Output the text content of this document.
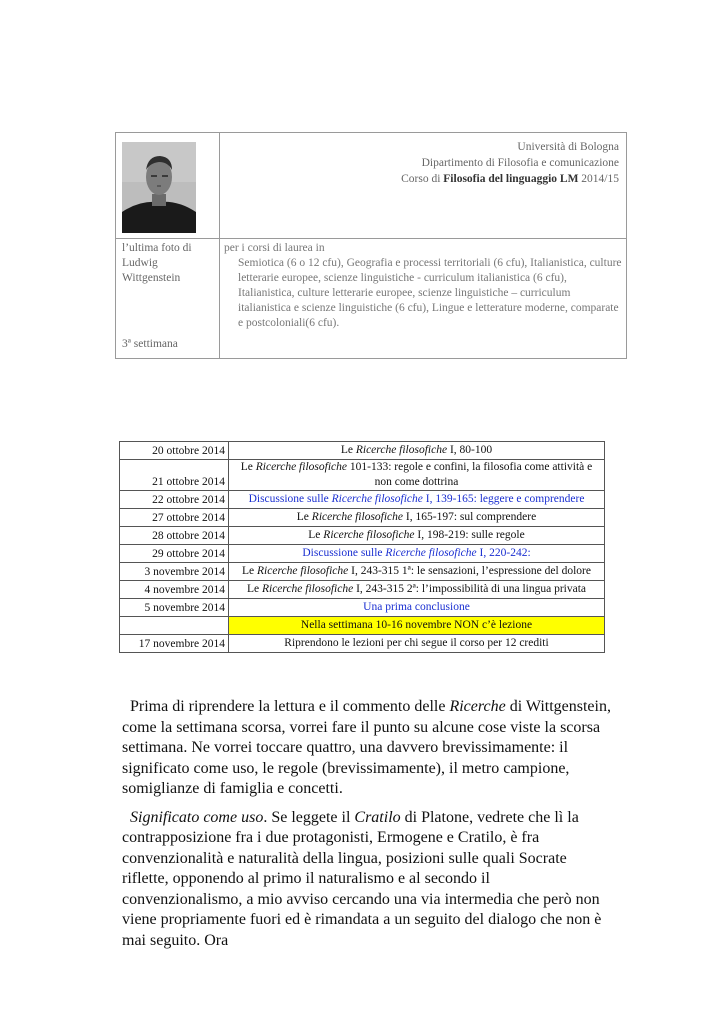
Università di Bologna
Dipartimento di Filosofia e comunicazione
Corso di Filosofia del linguaggio LM 2014/15
l’ultima foto di Ludwig Wittgenstein
3ª settimana
per i corsi di laurea in
Semiotica (6 o 12 cfu), Geografia e processi territoriali (6 cfu), Italianistica, culture letterarie europee, scienze linguistiche - curriculum italianistica (6 cfu), Italianistica, culture letterarie europee, scienze linguistiche – curriculum italianistica e scienze linguistiche (6 cfu), Lingue e letterature moderne, comparate e postcoloniali(6 cfu).
20 ottobre 2014	Le Ricerche filosofiche I, 80-100
21 ottobre 2014	Le Ricerche filosofiche 101-133: regole e confini, la filosofia come attività e non come dottrina
22 ottobre 2014	Discussione sulle Ricerche filosofiche I, 139-165: leggere e comprendere
27 ottobre 2014	Le Ricerche filosofiche I, 165-197: sul comprendere
28 ottobre 2014	Le Ricerche filosofiche I, 198-219: sulle regole
29 ottobre 2014	Discussione sulle Ricerche filosofiche I, 220-242:
3 novembre 2014	Le Ricerche filosofiche I, 243-315 1ª: le sensazioni, l’espressione del dolore
4 novembre 2014	Le Ricerche filosofiche I, 243-315 2ª: l’impossibilità di una lingua privata
5 novembre 2014	Una prima conclusione
	Nella settimana 10-16 novembre NON c’è lezione
17 novembre 2014	Riprendono le lezioni per chi segue il corso per 12 crediti

Prima di riprendere la lettura e il commento delle Ricerche di Wittgenstein, come la settimana scorsa, vorrei fare il punto su alcune cose viste la scorsa settimana. Ne vorrei toccare quattro, una davvero brevissimamente: il significato come uso, le regole (brevissimamente), il metro campione, somiglianze di famiglia e concetti.

Significato come uso. Se leggete il Cratilo di Platone, vedrete che lì la contrapposizione fra i due protagonisti, Ermogene e Cratilo, è fra convenzionalità e naturalità della lingua, posizioni sulle quali Socrate riflette, opponendo al primo il naturalismo e al secondo il convenzionalismo, a mio avviso cercando una via intermedia che però non viene propriamente fuori ed è rimandata a un seguito del dialogo che non è mai seguito. Ora
